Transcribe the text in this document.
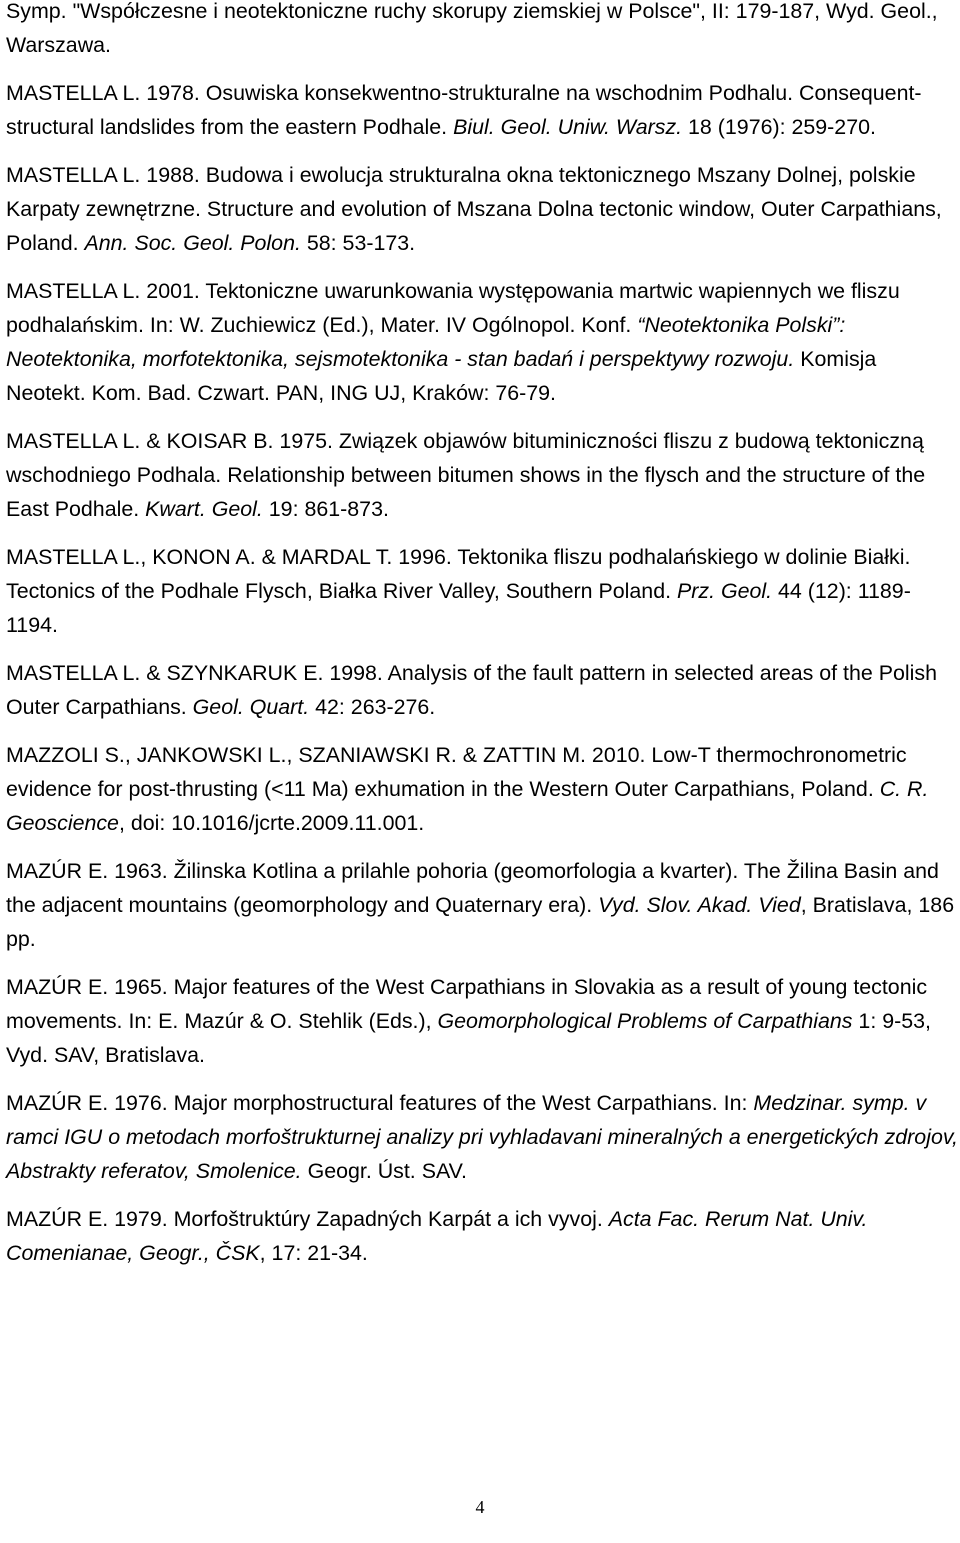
Symp. "Współczesne i neotektoniczne ruchy skorupy ziemskiej w Polsce", II: 179-187, Wyd. Geol., Warszawa.

MASTELLA L. 1978. Osuwiska konsekwentno-strukturalne na wschodnim Podhalu. Consequent-structural landslides from the eastern Podhale. Biul. Geol. Uniw. Warsz. 18 (1976): 259-270.

MASTELLA L. 1988. Budowa i ewolucja strukturalna okna tektonicznego Mszany Dolnej, polskie Karpaty zewnętrzne. Structure and evolution of Mszana Dolna tectonic window, Outer Carpathians, Poland. Ann. Soc. Geol. Polon. 58: 53-173.

MASTELLA L. 2001. Tektoniczne uwarunkowania występowania martwic wapiennych we fliszu podhalańskim. In: W. Zuchiewicz (Ed.), Mater. IV Ogólnopol. Konf. “Neotektonika Polski”: Neotektonika, morfotektonika, sejsmotektonika - stan badań i perspektywy rozwoju. Komisja Neotekt. Kom. Bad. Czwart. PAN, ING UJ, Kraków: 76-79.

MASTELLA L. & KOISAR B. 1975. Związek objawów bituminiczności fliszu z budową tektoniczną wschodniego Podhala. Relationship between bitumen shows in the flysch and the structure of the East Podhale. Kwart. Geol. 19: 861-873.

MASTELLA L., KONON A. & MARDAL T. 1996. Tektonika fliszu podhalańskiego w dolinie Białki. Tectonics of the Podhale Flysch, Białka River Valley, Southern Poland. Prz. Geol. 44 (12): 1189-1194.

MASTELLA L. & SZYNKARUK E. 1998. Analysis of the fault pattern in selected areas of the Polish Outer Carpathians. Geol. Quart. 42: 263-276.

MAZZOLI S., JANKOWSKI L., SZANIAWSKI R. & ZATTIN M. 2010. Low-T thermochronometric evidence for post-thrusting (<11 Ma) exhumation in the Western Outer Carpathians, Poland. C. R. Geoscience, doi: 10.1016/jcrte.2009.11.001.

MAZÚR E. 1963. Žilinska Kotlina a prilahle pohoria (geomorfologia a kvarter). The Žilina Basin and the adjacent mountains (geomorphology and Quaternary era). Vyd. Slov. Akad. Vied, Bratislava, 186 pp.

MAZÚR E. 1965. Major features of the West Carpathians in Slovakia as a result of young tectonic movements. In: E. Mazúr & O. Stehlik (Eds.), Geomorphological Problems of Carpathians 1: 9-53, Vyd. SAV, Bratislava.

MAZÚR E. 1976. Major morphostructural features of the West Carpathians. In: Medzinar. symp. v ramci IGU o metodach morfoštrukturnej analizy pri vyhladavani mineralných a energetických zdrojov, Abstrakty referatov, Smolenice. Geogr. Úst. SAV.

MAZÚR E. 1979. Morfoštruktúry Zapadných Karpát a ich vyvoj. Acta Fac. Rerum Nat. Univ. Comenianae, Geogr., ČSK, 17: 21-34.

4
